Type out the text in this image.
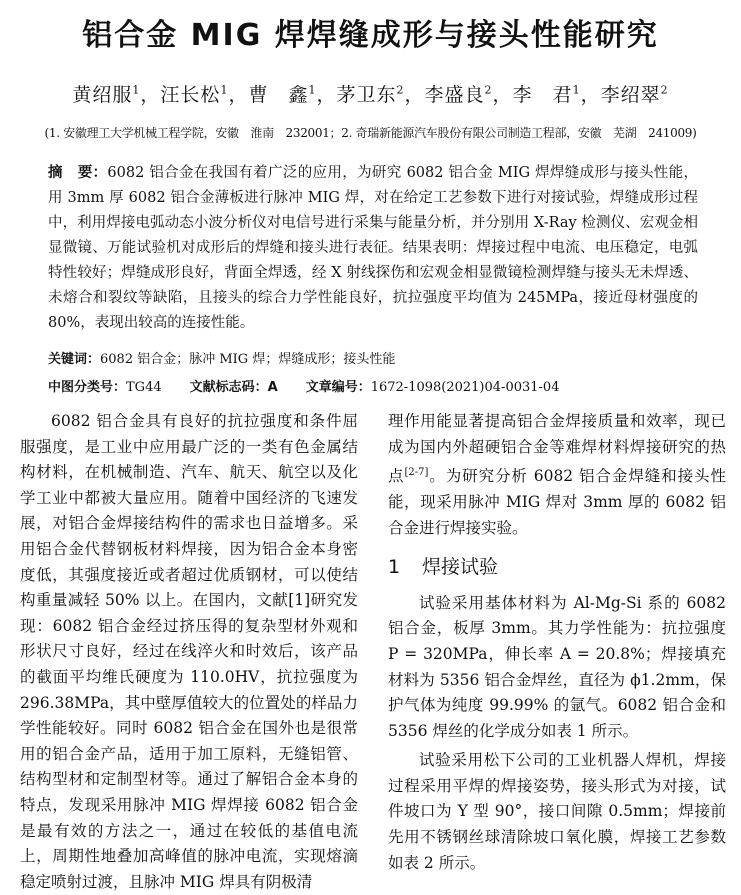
铝合金 MIG 焊焊缝成形与接头性能研究
黄绍服$^1$，汪长松$^1$，曹　鑫$^1$，茅卫东$^2$，李盛良$^2$，李　君$^1$，李绍翠$^2$
(1. 安徽理工大学机械工程学院，安徽　淮南　232001；2. 奇瑞新能源汽车股份有限公司制造工程部，安徽　芜湖　241009)
摘　要：6082 铝合金在我国有着广泛的应用，为研究 6082 铝合金 MIG 焊焊缝成形与接头性能，用 3mm 厚 6082 铝合金薄板进行脉冲 MIG 焊，对在给定工艺参数下进行对接试验，焊缝成形过程中，利用焊接电弧动态小波分析仪对电信号进行采集与能量分析，并分别用 X-Ray 检测仪、宏观金相显微镜、万能试验机对成形后的焊缝和接头进行表征。结果表明：焊接过程中电流、电压稳定，电弧特性较好；焊缝成形良好，背面全焊透，经 X 射线探伤和宏观金相显微镜检测焊缝与接头无未焊透、未熔合和裂纹等缺陷，且接头的综合力学性能良好，抗拉强度平均值为 245MPa，接近母材强度的 80%，表现出较高的连接性能。
关键词：6082 铝合金；脉冲 MIG 焊；焊缝成形；接头性能
中图分类号：TG44 文献标志码：A 文章编号：1672-1098(2021)04-0031-04

6082 铝合金具有良好的抗拉强度和条件屈服强度，是工业中应用最广泛的一类有色金属结构材料，在机械制造、汽车、航天、航空以及化学工业中都被大量应用。随着中国经济的飞速发展，对铝合金焊接结构件的需求也日益增多。采用铝合金代替钢板材料焊接，因为铝合金本身密度低，其强度接近或者超过优质钢材，可以使结构重量减轻 50% 以上。在国内，文献[1]研究发现：6082 铝合金经过挤压得的复杂型材外观和形状尺寸良好，经过在线淬火和时效后，该产品的截面平均维氏硬度为 110.0HV，抗拉强度为 296.38MPa，其中壁厚值较大的位置处的样品力学性能较好。同时 6082 铝合金在国外也是很常用的铝合金产品，适用于加工原料，无缝铝管、结构型材和定制型材等。通过了解铝合金本身的特点，发现采用脉冲 MIG 焊焊接 6082 铝合金是最有效的方法之一，通过在较低的基值电流上，周期性地叠加高峰值的脉冲电流，实现熔滴稳定喷射过渡，且脉冲 MIG 焊具有阴极清

理作用能显著提高铝合金焊接质量和效率，现已成为国内外超硬铝合金等难焊材料焊接研究的热点[2-7]。为研究分析 6082 铝合金焊缝和接头性能，现采用脉冲 MIG 焊对 3mm 厚的 6082 铝合金进行焊接实验。

1 焊接试验

试验采用基体材料为 Al-Mg-Si 系的 6082 铝合金，板厚 3mm。其力学性能为：抗拉强度 P = 320MPa，伸长率 A = 20.8%；焊接填充材料为 5356 铝合金焊丝，直径为 ϕ1.2mm，保护气体为纯度 99.99% 的氩气。6082 铝合金和 5356 焊丝的化学成分如表 1 所示。

试验采用松下公司的工业机器人焊机，焊接过程采用平焊的焊接姿势，接头形式为对接，试件坡口为 Y 型 90°，接口间隙 0.5mm；焊接前先用不锈钢丝球清除坡口氧化膜，焊接工艺参数如表 2 所示。
